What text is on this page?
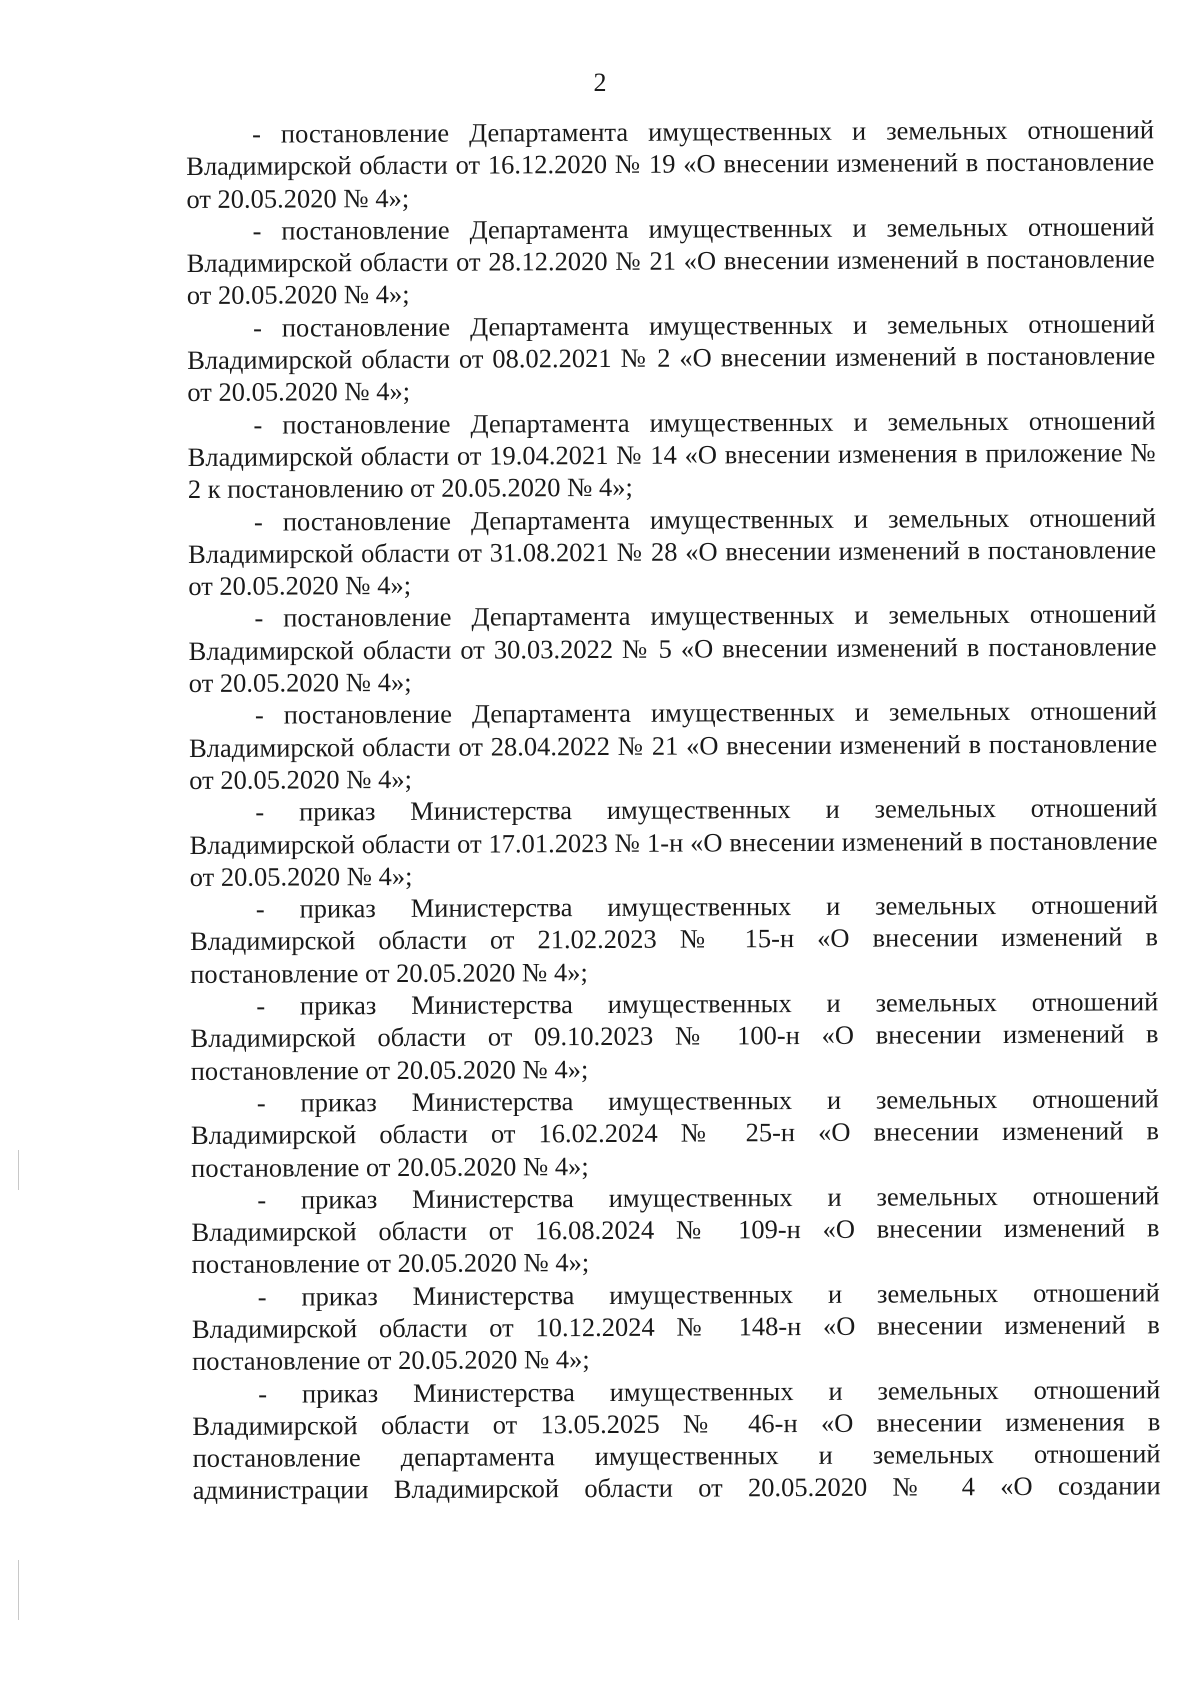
2

- постановление Департамента имущественных и земельных отношений Владимирской области от 16.12.2020 № 19 «О внесении изменений в постановление от 20.05.2020 № 4»;

- постановление Департамента имущественных и земельных отношений Владимирской области от 28.12.2020 № 21 «О внесении изменений в постановление от 20.05.2020 № 4»;

- постановление Департамента имущественных и земельных отношений Владимирской области от 08.02.2021 № 2 «О внесении изменений в постановление от 20.05.2020 № 4»;

- постановление Департамента имущественных и земельных отношений Владимирской области от 19.04.2021 № 14 «О внесении изменения в приложение № 2 к постановлению от 20.05.2020 № 4»;

- постановление Департамента имущественных и земельных отношений Владимирской области от 31.08.2021 № 28 «О внесении изменений в постановление от 20.05.2020 № 4»;

- постановление Департамента имущественных и земельных отношений Владимирской области от 30.03.2022 № 5 «О внесении изменений в постановление от 20.05.2020 № 4»;

- постановление Департамента имущественных и земельных отношений Владимирской области от 28.04.2022 № 21 «О внесении изменений в постановление от 20.05.2020 № 4»;

- приказ Министерства имущественных и земельных отношений Владимирской области от 17.01.2023 № 1-н «О внесении изменений в постановление от 20.05.2020 № 4»;

- приказ Министерства имущественных и земельных отношений Владимирской области от 21.02.2023 № 15-н «О внесении изменений в постановление от 20.05.2020 № 4»;

- приказ Министерства имущественных и земельных отношений Владимирской области от 09.10.2023 № 100-н «О внесении изменений в постановление от 20.05.2020 № 4»;

- приказ Министерства имущественных и земельных отношений Владимирской области от 16.02.2024 № 25-н «О внесении изменений в постановление от 20.05.2020 № 4»;

- приказ Министерства имущественных и земельных отношений Владимирской области от 16.08.2024 № 109-н «О внесении изменений в постановление от 20.05.2020 № 4»;

- приказ Министерства имущественных и земельных отношений Владимирской области от 10.12.2024 № 148-н «О внесении изменений в постановление от 20.05.2020 № 4»;

- приказ Министерства имущественных и земельных отношений Владимирской области от 13.05.2025 № 46-н «О внесении изменения в постановление департамента имущественных и земельных отношений администрации Владимирской области от 20.05.2020 № 4 «О создании
